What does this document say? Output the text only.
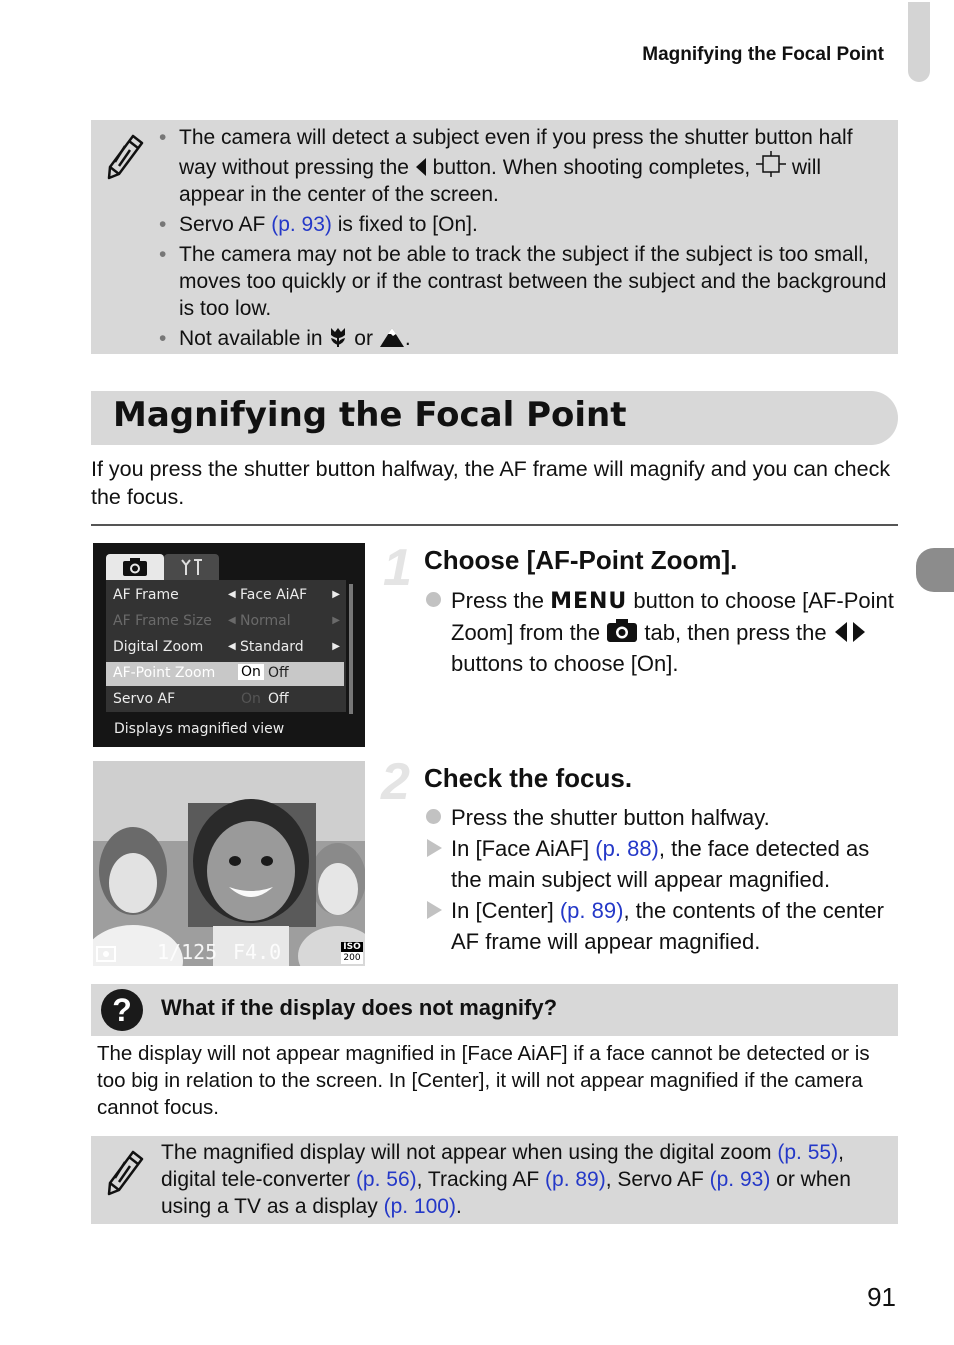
Magnifying the Focal Point
• The camera will detect a subject even if you press the shutter button half way without pressing the button. When shooting completes, will appear in the center of the screen.
• Servo AF (p. 93) is fixed to [On].
• The camera may not be able to track the subject if the subject is too small, moves too quickly or if the contrast between the subject and the background is too low.
• Not available in or .
Magnifying the Focal Point
If you press the shutter button halfway, the AF frame will magnify and you can check the focus.
AF Frame	◀ Face AiAF	▶
AF Frame Size ◀ Normal	▶
Digital Zoom ◀ Standard	▶
AF-Point Zoom On Off
Servo AF	On Off
Displays magnified view
1/125 F4.0	ISO
200
1 Choose [AF-Point Zoom].
Press the MENU button to choose [AF-Point Zoom] from the tab, then press the  buttons to choose [On].
2 Check the focus.
Press the shutter button halfway.
In [Face AiAF] (p. 88), the face detected as the main subject will appear magnified.
In [Center] (p. 89), the contents of the center AF frame will appear magnified.
?	What if the display does not magnify?
The display will not appear magnified in [Face AiAF] if a face cannot be detected or is too big in relation to the screen. In [Center], it will not appear magnified if the camera cannot focus.
The magnified display will not appear when using the digital zoom (p. 55), digital tele-converter (p. 56), Tracking AF (p. 89), Servo AF (p. 93) or when using a TV as a display (p. 100).
91
